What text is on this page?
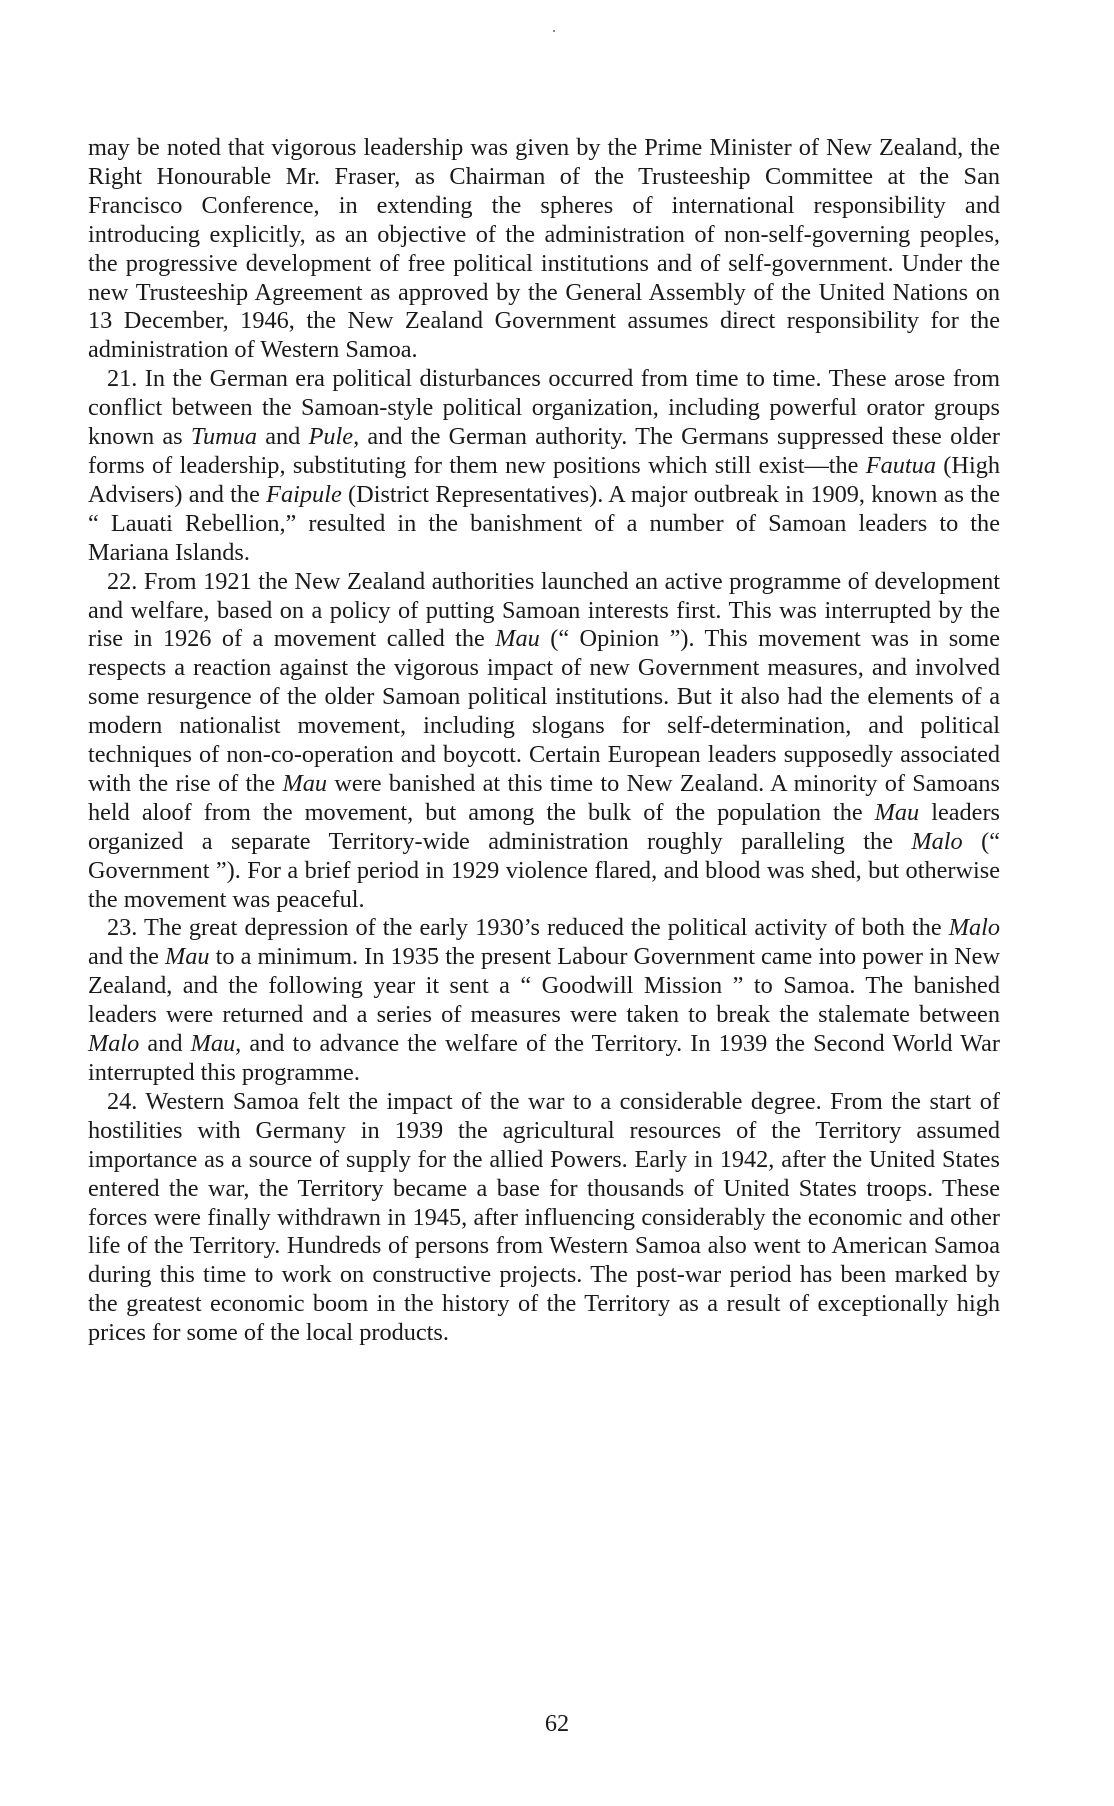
may be noted that vigorous leadership was given by the Prime Minister of New Zealand, the Right Honourable Mr. Fraser, as Chairman of the Trusteeship Committee at the San Francisco Conference, in extending the spheres of international responsibility and introducing explicitly, as an objective of the administration of non-self-governing peoples, the progressive development of free political institutions and of self-government. Under the new Trusteeship Agreement as approved by the General Assembly of the United Nations on 13 December, 1946, the New Zealand Government assumes direct responsibility for the administration of Western Samoa.

21. In the German era political disturbances occurred from time to time. These arose from conflict between the Samoan-style political organization, including powerful orator groups known as Tumua and Pule, and the German authority. The Germans suppressed these older forms of leadership, substituting for them new positions which still exist—the Fautua (High Advisers) and the Faipule (District Representatives). A major outbreak in 1909, known as the “ Lauati Rebellion,” resulted in the banishment of a number of Samoan leaders to the Mariana Islands.

22. From 1921 the New Zealand authorities launched an active programme of development and welfare, based on a policy of putting Samoan interests first. This was interrupted by the rise in 1926 of a movement called the Mau (“ Opinion ”). This movement was in some respects a reaction against the vigorous impact of new Government measures, and involved some resurgence of the older Samoan political institutions. But it also had the elements of a modern nationalist movement, including slogans for self-determination, and political techniques of non-co-operation and boycott. Certain European leaders supposedly associated with the rise of the Mau were banished at this time to New Zealand. A minority of Samoans held aloof from the movement, but among the bulk of the population the Mau leaders organized a separate Territory-wide administration roughly paralleling the Malo (“ Government ”). For a brief period in 1929 violence flared, and blood was shed, but otherwise the movement was peaceful.

23. The great depression of the early 1930’s reduced the political activity of both the Malo and the Mau to a minimum. In 1935 the present Labour Government came into power in New Zealand, and the following year it sent a “ Goodwill Mission ” to Samoa. The banished leaders were returned and a series of measures were taken to break the stalemate between Malo and Mau, and to advance the welfare of the Territory. In 1939 the Second World War interrupted this programme.

24. Western Samoa felt the impact of the war to a considerable degree. From the start of hostilities with Germany in 1939 the agricultural resources of the Territory assumed importance as a source of supply for the allied Powers. Early in 1942, after the United States entered the war, the Territory became a base for thousands of United States troops. These forces were finally withdrawn in 1945, after influencing considerably the economic and other life of the Territory. Hundreds of persons from Western Samoa also went to American Samoa during this time to work on constructive projects. The post-war period has been marked by the greatest economic boom in the history of the Territory as a result of exceptionally high prices for some of the local products.

62
